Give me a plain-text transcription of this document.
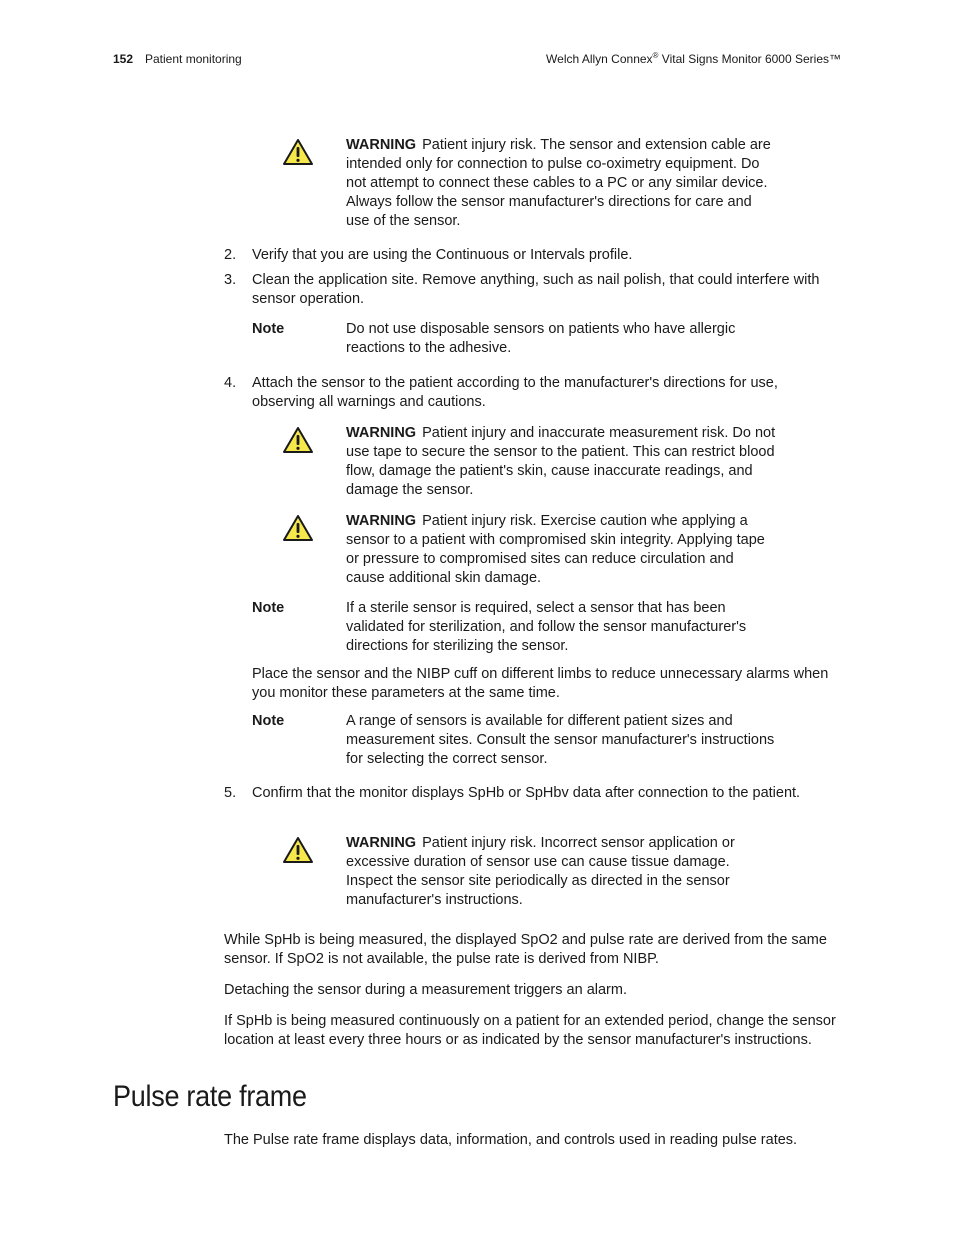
152 Patient monitoring	Welch Allyn Connex® Vital Signs Monitor 6000 Series™
WARNING Patient injury risk. The sensor and extension cable are intended only for connection to pulse co-oximetry equipment. Do not attempt to connect these cables to a PC or any similar device. Always follow the sensor manufacturer's directions for care and use of the sensor.
2.	Verify that you are using the Continuous or Intervals profile.
3.	Clean the application site. Remove anything, such as nail polish, that could interfere with sensor operation.
Note	Do not use disposable sensors on patients who have allergic reactions to the adhesive.
4.	Attach the sensor to the patient according to the manufacturer's directions for use, observing all warnings and cautions.
WARNING Patient injury and inaccurate measurement risk. Do not use tape to secure the sensor to the patient. This can restrict blood flow, damage the patient's skin, cause inaccurate readings, and damage the sensor.
WARNING Patient injury risk. Exercise caution whe applying a sensor to a patient with compromised skin integrity. Applying tape or pressure to compromised sites can reduce circulation and cause additional skin damage.
Note	If a sterile sensor is required, select a sensor that has been validated for sterilization, and follow the sensor manufacturer's directions for sterilizing the sensor.
Place the sensor and the NIBP cuff on different limbs to reduce unnecessary alarms when you monitor these parameters at the same time.
Note	A range of sensors is available for different patient sizes and measurement sites. Consult the sensor manufacturer's instructions for selecting the correct sensor.
5.	Confirm that the monitor displays SpHb or SpHbv data after connection to the patient.
WARNING Patient injury risk. Incorrect sensor application or excessive duration of sensor use can cause tissue damage. Inspect the sensor site periodically as directed in the sensor manufacturer's instructions.
While SpHb is being measured, the displayed SpO2 and pulse rate are derived from the same sensor. If SpO2 is not available, the pulse rate is derived from NIBP.
Detaching the sensor during a measurement triggers an alarm.
If SpHb is being measured continuously on a patient for an extended period, change the sensor location at least every three hours or as indicated by the sensor manufacturer's instructions.
Pulse rate frame
The Pulse rate frame displays data, information, and controls used in reading pulse rates.
